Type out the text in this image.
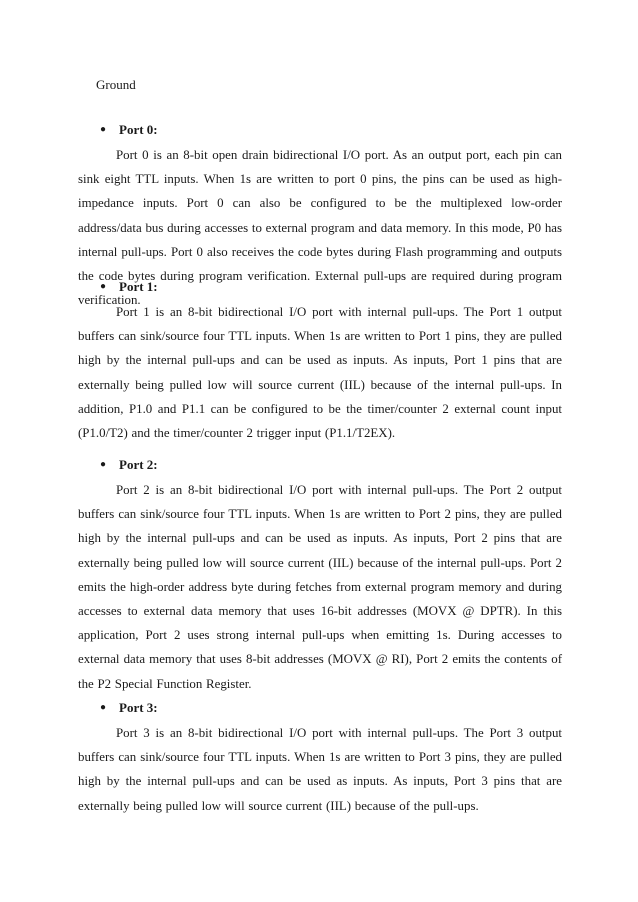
Ground
● Port 0:

Port 0 is an 8-bit open drain bidirectional I/O port. As an output port, each pin can sink eight TTL inputs. When 1s are written to port 0 pins, the pins can be used as high-impedance inputs. Port 0 can also be configured to be the multiplexed low-order address/data bus during accesses to external program and data memory. In this mode, P0 has internal pull-ups. Port 0 also receives the code bytes during Flash programming and outputs the code bytes during program verification. External pull-ups are required during program verification.

● Port 1:

Port 1 is an 8-bit bidirectional I/O port with internal pull-ups. The Port 1 output buffers can sink/source four TTL inputs. When 1s are written to Port 1 pins, they are pulled high by the internal pull-ups and can be used as inputs. As inputs, Port 1 pins that are externally being pulled low will source current (IIL) because of the internal pull-ups. In addition, P1.0 and P1.1 can be configured to be the timer/counter 2 external count input (P1.0/T2) and the timer/counter 2 trigger input (P1.1/T2EX).

● Port 2:

Port 2 is an 8-bit bidirectional I/O port with internal pull-ups. The Port 2 output buffers can sink/source four TTL inputs. When 1s are written to Port 2 pins, they are pulled high by the internal pull-ups and can be used as inputs. As inputs, Port 2 pins that are externally being pulled low will source current (IIL) because of the internal pull-ups. Port 2 emits the high-order address byte during fetches from external program memory and during accesses to external data memory that uses 16-bit addresses (MOVX @ DPTR). In this application, Port 2 uses strong internal pull-ups when emitting 1s. During accesses to external data memory that uses 8-bit addresses (MOVX @ RI), Port 2 emits the contents of the P2 Special Function Register.

● Port 3:

Port 3 is an 8-bit bidirectional I/O port with internal pull-ups. The Port 3 output buffers can sink/source four TTL inputs. When 1s are written to Port 3 pins, they are pulled high by the internal pull-ups and can be used as inputs. As inputs, Port 3 pins that are externally being pulled low will source current (IIL) because of the pull-ups.
